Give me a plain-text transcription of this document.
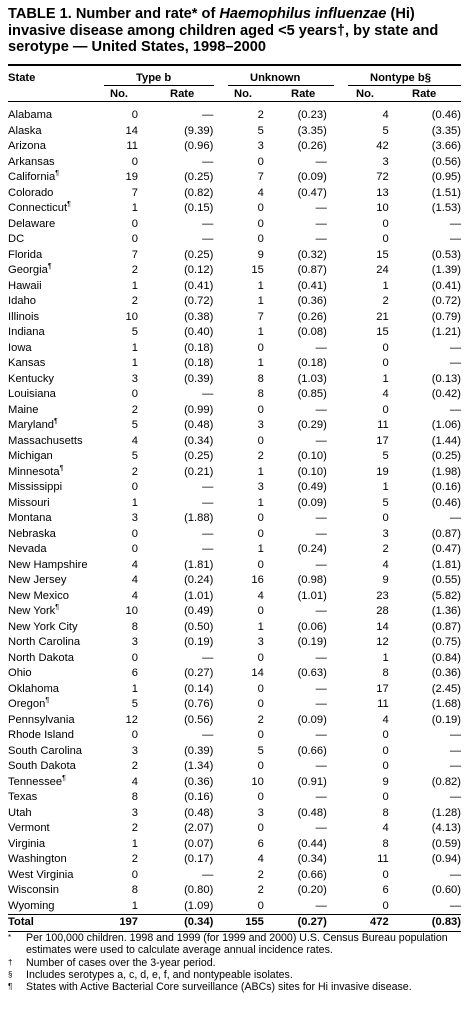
TABLE 1. Number and rate* of Haemophilus influenzae (Hi) invasive disease among children aged <5 years†, by state and serotype — United States, 1998–2000
State	Type b	Unknown	Nontype b§
No.	Rate	No.	Rate	No.	Rate
Alabama	0	—	2	(0.23)	4	(0.46)
Alaska	14	(9.39)	5	(3.35)	5	(3.35)
Arizona	11	(0.96)	3	(0.26)	42	(3.66)
Arkansas	0	—	0	—	3	(0.56)
California¶	19	(0.25)	7	(0.09)	72	(0.95)
Colorado	7	(0.82)	4	(0.47)	13	(1.51)
Connecticut¶	1	(0.15)	0	—	10	(1.53)
Delaware	0	—	0	—	0	—
DC	0	—	0	—	0	—
Florida	7	(0.25)	9	(0.32)	15	(0.53)
Georgia¶	2	(0.12)	15	(0.87)	24	(1.39)
Hawaii	1	(0.41)	1	(0.41)	1	(0.41)
Idaho	2	(0.72)	1	(0.36)	2	(0.72)
Illinois	10	(0.38)	7	(0.26)	21	(0.79)
Indiana	5	(0.40)	1	(0.08)	15	(1.21)
Iowa	1	(0.18)	0	—	0	—
Kansas	1	(0.18)	1	(0.18)	0	—
Kentucky	3	(0.39)	8	(1.03)	1	(0.13)
Louisiana	0	—	8	(0.85)	4	(0.42)
Maine	2	(0.99)	0	—	0	—
Maryland¶	5	(0.48)	3	(0.29)	11	(1.06)
Massachusetts	4	(0.34)	0	—	17	(1.44)
Michigan	5	(0.25)	2	(0.10)	5	(0.25)
Minnesota¶	2	(0.21)	1	(0.10)	19	(1.98)
Mississippi	0	—	3	(0.49)	1	(0.16)
Missouri	1	—	1	(0.09)	5	(0.46)
Montana	3	(1.88)	0	—	0	—
Nebraska	0	—	0	—	3	(0.87)
Nevada	0	—	1	(0.24)	2	(0.47)
New Hampshire	4	(1.81)	0	—	4	(1.81)
New Jersey	4	(0.24)	16	(0.98)	9	(0.55)
New Mexico	4	(1.01)	4	(1.01)	23	(5.82)
New York¶	10	(0.49)	0	—	28	(1.36)
New York City	8	(0.50)	1	(0.06)	14	(0.87)
North Carolina	3	(0.19)	3	(0.19)	12	(0.75)
North Dakota	0	—	0	—	1	(0.84)
Ohio	6	(0.27)	14	(0.63)	8	(0.36)
Oklahoma	1	(0.14)	0	—	17	(2.45)
Oregon¶	5	(0.76)	0	—	11	(1.68)
Pennsylvania	12	(0.56)	2	(0.09)	4	(0.19)
Rhode Island	0	—	0	—	0	—
South Carolina	3	(0.39)	5	(0.66)	0	—
South Dakota	2	(1.34)	0	—	0	—
Tennessee¶	4	(0.36)	10	(0.91)	9	(0.82)
Texas	8	(0.16)	0	—	0	—
Utah	3	(0.48)	3	(0.48)	8	(1.28)
Vermont	2	(2.07)	0	—	4	(4.13)
Virginia	1	(0.07)	6	(0.44)	8	(0.59)
Washington	2	(0.17)	4	(0.34)	11	(0.94)
West Virginia	0	—	2	(0.66)	0	—
Wisconsin	8	(0.80)	2	(0.20)	6	(0.60)
Wyoming	1	(1.09)	0	—	0	—
Total	197	(0.34)	155	(0.27)	472	(0.83)
* Per 100,000 children. 1998 and 1999 (for 1999 and 2000) U.S. Census Bureau population estimates were used to calculate average annual incidence rates.
† Number of cases over the 3-year period.
§ Includes serotypes a, c, d, e, f, and nontypeable isolates.
¶ States with Active Bacterial Core surveillance (ABCs) sites for Hi invasive disease.
